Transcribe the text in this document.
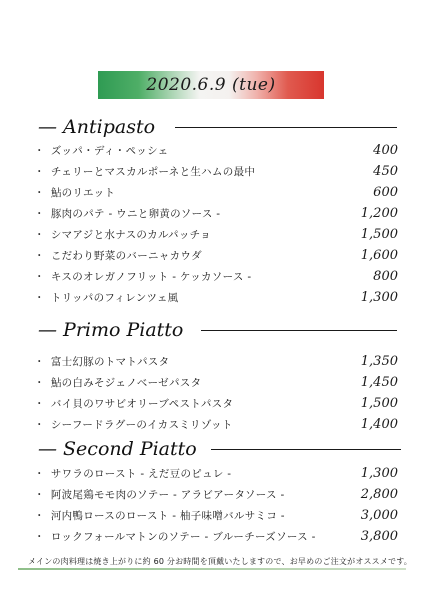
2020.6.9 (tue)
— Antipasto
・ ズッパ・ディ・ペッシェ	400
・ チェリーとマスカルポーネと生ハムの最中	450
・ 鮎のリエット	600
・ 豚肉のパテ - ウニと卵黄のソース -	1,200
・ シマアジと水ナスのカルパッチョ	1,500
・ こだわり野菜のバーニャカウダ	1,600
・ キスのオレガノフリット - ケッカソース -	800
・ トリッパのフィレンツェ風	1,300
— Primo Piatto
・ 富士幻豚のトマトパスタ	1,350
・ 鮎の白みそジェノベーゼパスタ	1,450
・ バイ貝のワサビオリーブペストパスタ	1,500
・ シーフードラグーのイカスミリゾット	1,400
— Second Piatto
・ サワラのロースト - えだ豆のピュレ -	1,300
・ 阿波尾鶏モモ肉のソテー - アラビアータソース -	2,800
・ 河内鴨ロースのロースト - 柚子味噌バルサミコ -	3,000
・ ロックフォールマトンのソテー - ブルーチーズソース -	3,800
メインの肉料理は焼き上がりに約 60 分お時間を頂戴いたしますので、お早めのご注文がオススメです。
